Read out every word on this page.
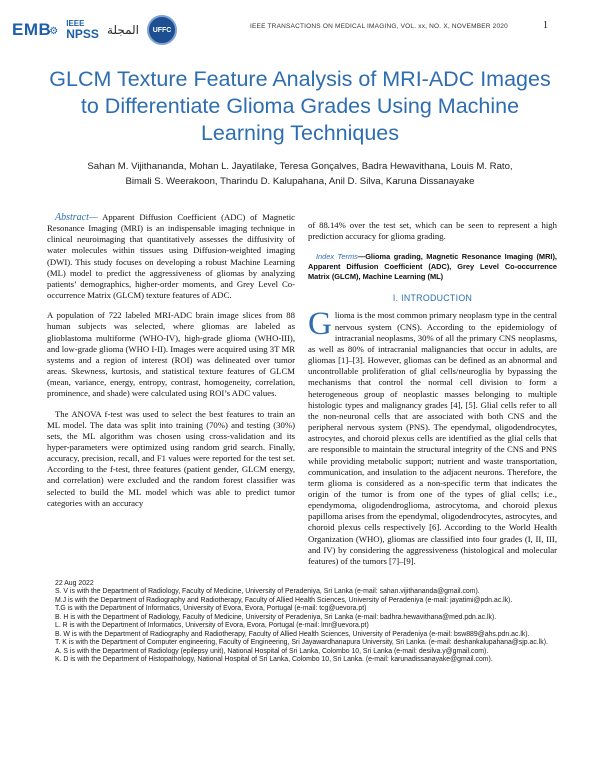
EMB⚙
IEEE
NPSS المجلة	UFFC	IEEE TRANSACTIONS ON MEDICAL IMAGING, VOL. xx, NO. X, NOVEMBER 2020	1
GLCM Texture Feature Analysis of MRI-ADC Images to Differentiate Glioma Grades Using Machine Learning Techniques
Sahan M. Vijithananda, Mohan L. Jayatilake, Teresa Gonçalves, Badra Hewavithana, Louis M. Rato,
Bimali S. Weerakoon, Tharindu D. Kalupahana, Anil D. Silva, Karuna Dissanayake

Abstract— Apparent Diffusion Coefficient (ADC) of Magnetic Resonance Imaging (MRI) is an indispensable imaging technique in clinical neuroimaging that quantitatively assesses the diffusivity of water molecules within tissues using Diffusion-weighted imaging (DWI). This study focuses on developing a robust Machine Learning (ML) model to predict the aggressiveness of gliomas by analyzing patients’ demographics, higher-order moments, and Grey Level Co-occurrence Matrix (GLCM) texture features of ADC.

A population of 722 labeled MRI-ADC brain image slices from 88 human subjects was selected, where gliomas are labeled as glioblastoma multiforme (WHO-IV), high-grade glioma (WHO-III), and low-grade glioma (WHO I-II). Images were acquired using 3T MR systems and a region of interest (ROI) was delineated over tumor areas. Skewness, kurtosis, and statistical texture features of GLCM (mean, variance, energy, entropy, contrast, homogeneity, correlation, prominence, and shade) were calculated using ROI’s ADC values.

The ANOVA f-test was used to select the best features to train an ML model. The data was split into training (70%) and testing (30%) sets, the ML algorithm was chosen using cross-validation and its hyper-parameters were optimized using random grid search. Finally, accuracy, precision, recall, and F1 values were reported for the test set. According to the f-test, three features (patient gender, GLCM energy, and correlation) were excluded and the random forest classifier was selected to build the ML model which was able to predict tumor categories with an accuracy

of 88.14% over the test set, which can be seen to represent a high prediction accuracy for glioma grading.

Index Terms—Glioma grading, Magnetic Resonance Imaging (MRI), Apparent Diffusion Coefficient (ADC), Grey Level Co-occurrence Matrix (GLCM), Machine Learning (ML)

I. INTRODUCTION

Glioma is the most common primary neoplasm type in the central nervous system (CNS). According to the epidemiology of intracranial neoplasms, 30% of all the primary CNS neoplasms, as well as 80% of intracranial malignancies that occur in adults, are gliomas [1]–[3]. However, gliomas can be defined as an abnormal and uncontrollable proliferation of glial cells/neuroglia by bypassing the mechanisms that control the normal cell division to form a heterogeneous group of neoplastic masses belonging to multiple histologic types and malignancy grades [4], [5]. Glial cells refer to all the non-neuronal cells that are associated with both CNS and the peripheral nervous system (PNS). The ependymal, oligodendrocytes, astrocytes, and choroid plexus cells are identified as the glial cells that are responsible to maintain the structural integrity of the CNS and PNS while providing metabolic support; nutrient and waste transportation, communication, and insulation to the adjacent neurons. Therefore, the term glioma is considered as a non-specific term that indicates the origin of the tumor is from one of the types of glial cells; i.e., ependymoma, oligodendroglioma, astrocytoma, and choroid plexus papilloma arises from the ependymal, oligodendrocytes, astrocytes, and choroid plexus cells respectively [6]. According to the World Health Organization (WHO), gliomas are classified into four grades (I, II, III, and IV) by considering the aggressiveness (histological and molecular features) of the tumors [7]–[9].

22 Aug 2022
S. V is with the Department of Radiology, Faculty of Medicine, University of Peradeniya, Sri Lanka (e-mail: sahan.vijithananda@gmail.com).
M.J is with the Department of Radiography and Radiotherapy, Faculty of Allied Health Sciences, University of Peradeniya (e-mail: jayatimi@pdn.ac.lk).
T.G is with the Department of Informatics, University of Evora, Evora, Portugal (e-mail: tcg@uevora.pt)
B. H is with the Department of Radiology, Faculty of Medicine, University of Peradeniya, Sri Lanka (e-mail: badhra.hewavithana@med.pdn.ac.lk).
L. R is with the Department of Informatics, University of Evora, Evora, Portugal (e-mail: lmr@uevora.pt)
B. W is with the Department of Radiography and Radiotherapy, Faculty of Allied Health Sciences, University of Peradeniya (e-mail: bsw889@ahs.pdn.ac.lk).
T. K is with the Department of Computer engineering, Faculty of Engineering, Sri Jayawardhanapura University, Sri Lanka. (e-mail: deshankalupahana@sjp.ac.lk).
A. S is with the Department of Radiology (epilepsy unit), National Hospital of Sri Lanka, Colombo 10, Sri Lanka (e-mail: desilva.y@gmail.com).
K. D is with the Department of Histopathology, National Hospital of Sri Lanka, Colombo 10, Sri Lanka. (e-mail: karunadissanayake@gmail.com).
